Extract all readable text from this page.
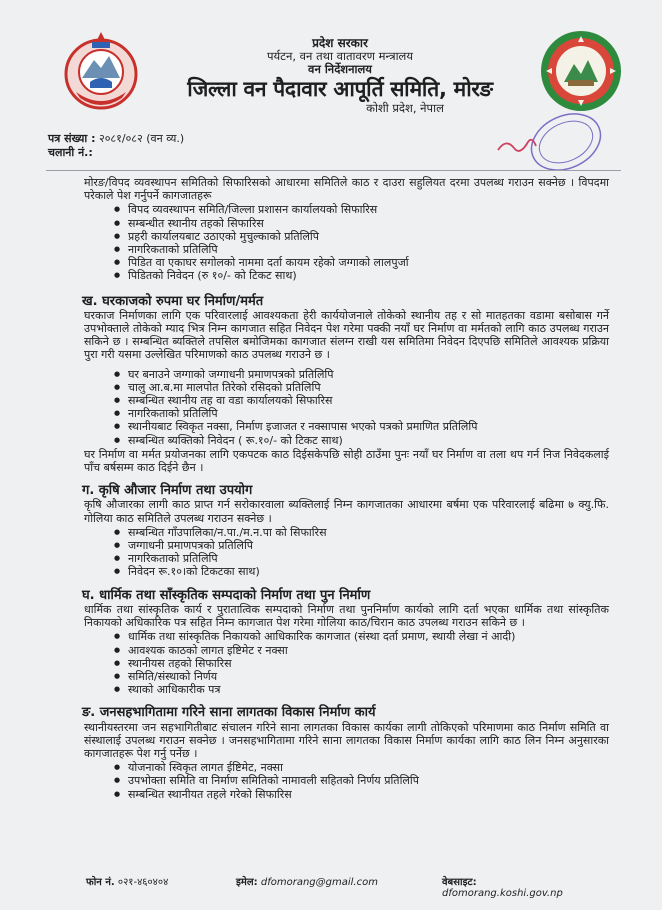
प्रदेश सरकार
पर्यटन, वन तथा वातावरण मन्त्रालय
वन निर्देशनालय
जिल्ला वन पैदावार आपूर्ति समिति, मोरङ
कोशी प्रदेश, नेपाल
पत्र संख्या : २०८१/०८२ (वन व्य.)
चलानी नं.:

मोरङ/विपद व्यवस्थापन समितिको सिफारिसको आधारमा समितिले काठ र दाउरा सहुलियत दरमा उपलब्ध गराउन सक्नेछ । विपदमा परेकाले पेश गर्नुपर्ने कागजातहरू

● विपद व्यवस्थापन समिति/जिल्ला प्रशासन कार्यालयको सिफारिस
● सम्बन्धीत स्थानीय तहको सिफारिस
● प्रहरी कार्यालयबाट उठाएको मुचुल्काको प्रतिलिपि
● नागरिकताको प्रतिलिपि
● पिडित वा एकाघर सगोलको नाममा दर्ता कायम रहेको जग्गाको लालपुर्जा
● पिडितको निवेदन (रु १०/- को टिकट साथ)
ख. घरकाजको रुपमा घर निर्माण/मर्मत

घरकाज निर्माणका लागि एक परिवारलाई आवश्यकता हेरी कार्ययोजनाले तोकेको स्थानीय तह र सो मातहतका वडामा बसोबास गर्ने उपभोक्ताले तोकेको म्याद भित्र निम्न कागजात सहित निवेदन पेश गरेमा पक्की नयाँ घर निर्माण वा मर्मतको लागि काठ उपलब्ध गराउन सकिने छ । सम्बन्धित ब्यक्तिले तपसिल बमोजिमका कागजात संलग्न राखी यस समितिमा निवेदन दिएपछि समितिले आवश्यक प्रक्रिया पुरा गरी यसमा उल्लेखित परिमाणको काठ उपलब्ध गराउने छ ।

● घर बनाउने जग्गाको जग्गाधनी प्रमाणपत्रको प्रतिलिपि
● चालु आ.ब.मा मालपोत तिरेको रसिदको प्रतिलिपि
● सम्बन्धित स्थानीय तह वा वडा कार्यालयको सिफारिस
● नागरिकताको प्रतिलिपि
● स्थानीयबाट स्विकृत नक्सा, निर्माण इजाजत र नक्सापास भएको पत्रको प्रमाणित प्रतिलिपि
● सम्बन्धित ब्यक्तिको निवेदन ( रू.१०/- को टिकट साथ)

घर निर्माण वा मर्मत प्रयोजनका लागि एकपटक काठ दिईसकेपछि सोही ठाउँमा पुनः नयाँ घर निर्माण वा तला थप गर्न निज निवेदकलाई पाँच बर्षसम्म काठ दिईने छैन ।

ग. कृषि औजार निर्माण तथा उपयोग

कृषि औजारका लागी काठ प्राप्त गर्न सरोकारवाला ब्यक्तिलाई निम्न कागजातका आधारमा बर्षमा एक परिवारलाई बढिमा ७ क्यु.फि. गोलिया काठ समितिले उपलब्ध गराउन सक्नेछ ।

● सम्बन्धित गाँउपालिका/न.पा./म.न.पा को सिफारिस
● जग्गाधनी प्रमाणपत्रको प्रतिलिपि
● नागरिकताको प्रतिलिपि
● निवेदन रू.१०।को टिकटका साथ)
घ. धार्मिक तथा साँस्कृतिक सम्पदाको निर्माण तथा पुन निर्माण

धार्मिक तथा सांस्कृतिक कार्य र पुरातात्विक सम्पदाको निर्माण तथा पुननिर्माण कार्यको लागि दर्ता भएका धार्मिक तथा सांस्कृतिक निकायको अधिकारिक पत्र सहित निम्न कागजात पेश गरेमा गोलिया काठ/चिरान काठ उपलब्ध गराउन सकिने छ ।

● धार्मिक तथा सांस्कृतिक निकायको आधिकारिक कागजात (संस्था दर्ता प्रमाण, स्थायी लेखा नं आदी)
● आवश्यक काठको लागत इष्टिमेट र नक्सा
● स्थानीयस तहको सिफारिस
● समिति/संस्थाको निर्णय
● स्थाको आधिकारीक पत्र
ङ. जनसहभागितामा गरिने साना लागतका विकास निर्माण कार्य

स्थानीयस्तरमा जन सहभागितीबाट संचालन गरिने साना लागतका विकास कार्यका लागी तोकिएको परिमाणमा काठ निर्माण समिति वा संस्थालाई उपलब्ध गराउन सक्नेछ । जनसहभागितामा गरिने साना लागतका विकास निर्माण कार्यका लागि काठ लिन निम्न अनुसारका कागजातहरू पेश गर्नु पर्नेछ ।

● योजनाको स्विकृत लागत ईष्टिमेट, नक्सा
● उपभोक्ता समिति वा निर्माण समितिको नामावली सहितको निर्णय प्रतिलिपि
● सम्बन्धित स्थानीयत तहले गरेको सिफारिस
फोन नं. ०२१-४६०४०४	इमेल: dfomorang@gmail.com	वेबसाइट: dfomorang.koshi.gov.np
